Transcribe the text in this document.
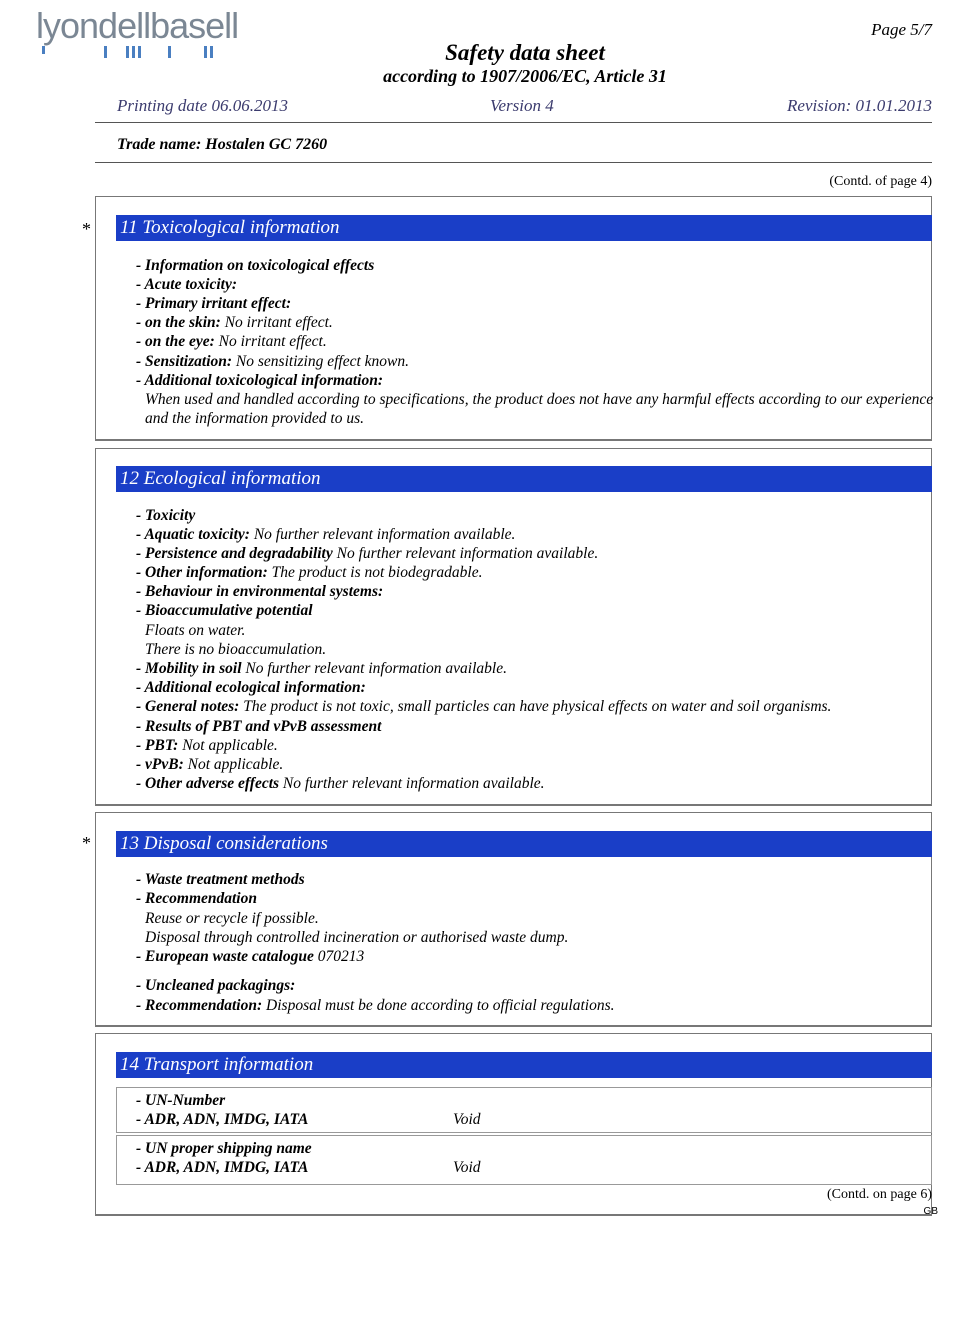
lyondellbasell	Page 5/7
Safety data sheet
according to 1907/2006/EC, Article 31
Printing date 06.06.2013	Version 4	Revision: 01.01.2013
Trade name: Hostalen GC 7260
(Contd. of page 4)
* 11 Toxicological information
- Information on toxicological effects
- Acute toxicity:
- Primary irritant effect:
- on the skin: No irritant effect.
- on the eye: No irritant effect.
- Sensitization: No sensitizing effect known.
- Additional toxicological information:
When used and handled according to specifications, the product does not have any harmful effects according to our experience and the information provided to us.
12 Ecological information
- Toxicity
- Aquatic toxicity: No further relevant information available.
- Persistence and degradability No further relevant information available.
- Other information: The product is not biodegradable.
- Behaviour in environmental systems:
- Bioaccumulative potential
Floats on water.
There is no bioaccumulation.
- Mobility in soil No further relevant information available.
- Additional ecological information:
- General notes: The product is not toxic, small particles can have physical effects on water and soil organisms.
- Results of PBT and vPvB assessment
- PBT: Not applicable.
- vPvB: Not applicable.
- Other adverse effects No further relevant information available.
* 13 Disposal considerations
- Waste treatment methods
- Recommendation
Reuse or recycle if possible.
Disposal through controlled incineration or authorised waste dump.
- European waste catalogue 070213
- Uncleaned packagings:
- Recommendation: Disposal must be done according to official regulations.
14 Transport information
- UN-Number
- ADR, ADN, IMDG, IATA	Void
- UN proper shipping name
- ADR, ADN, IMDG, IATA	Void
(Contd. on page 6)
GB
